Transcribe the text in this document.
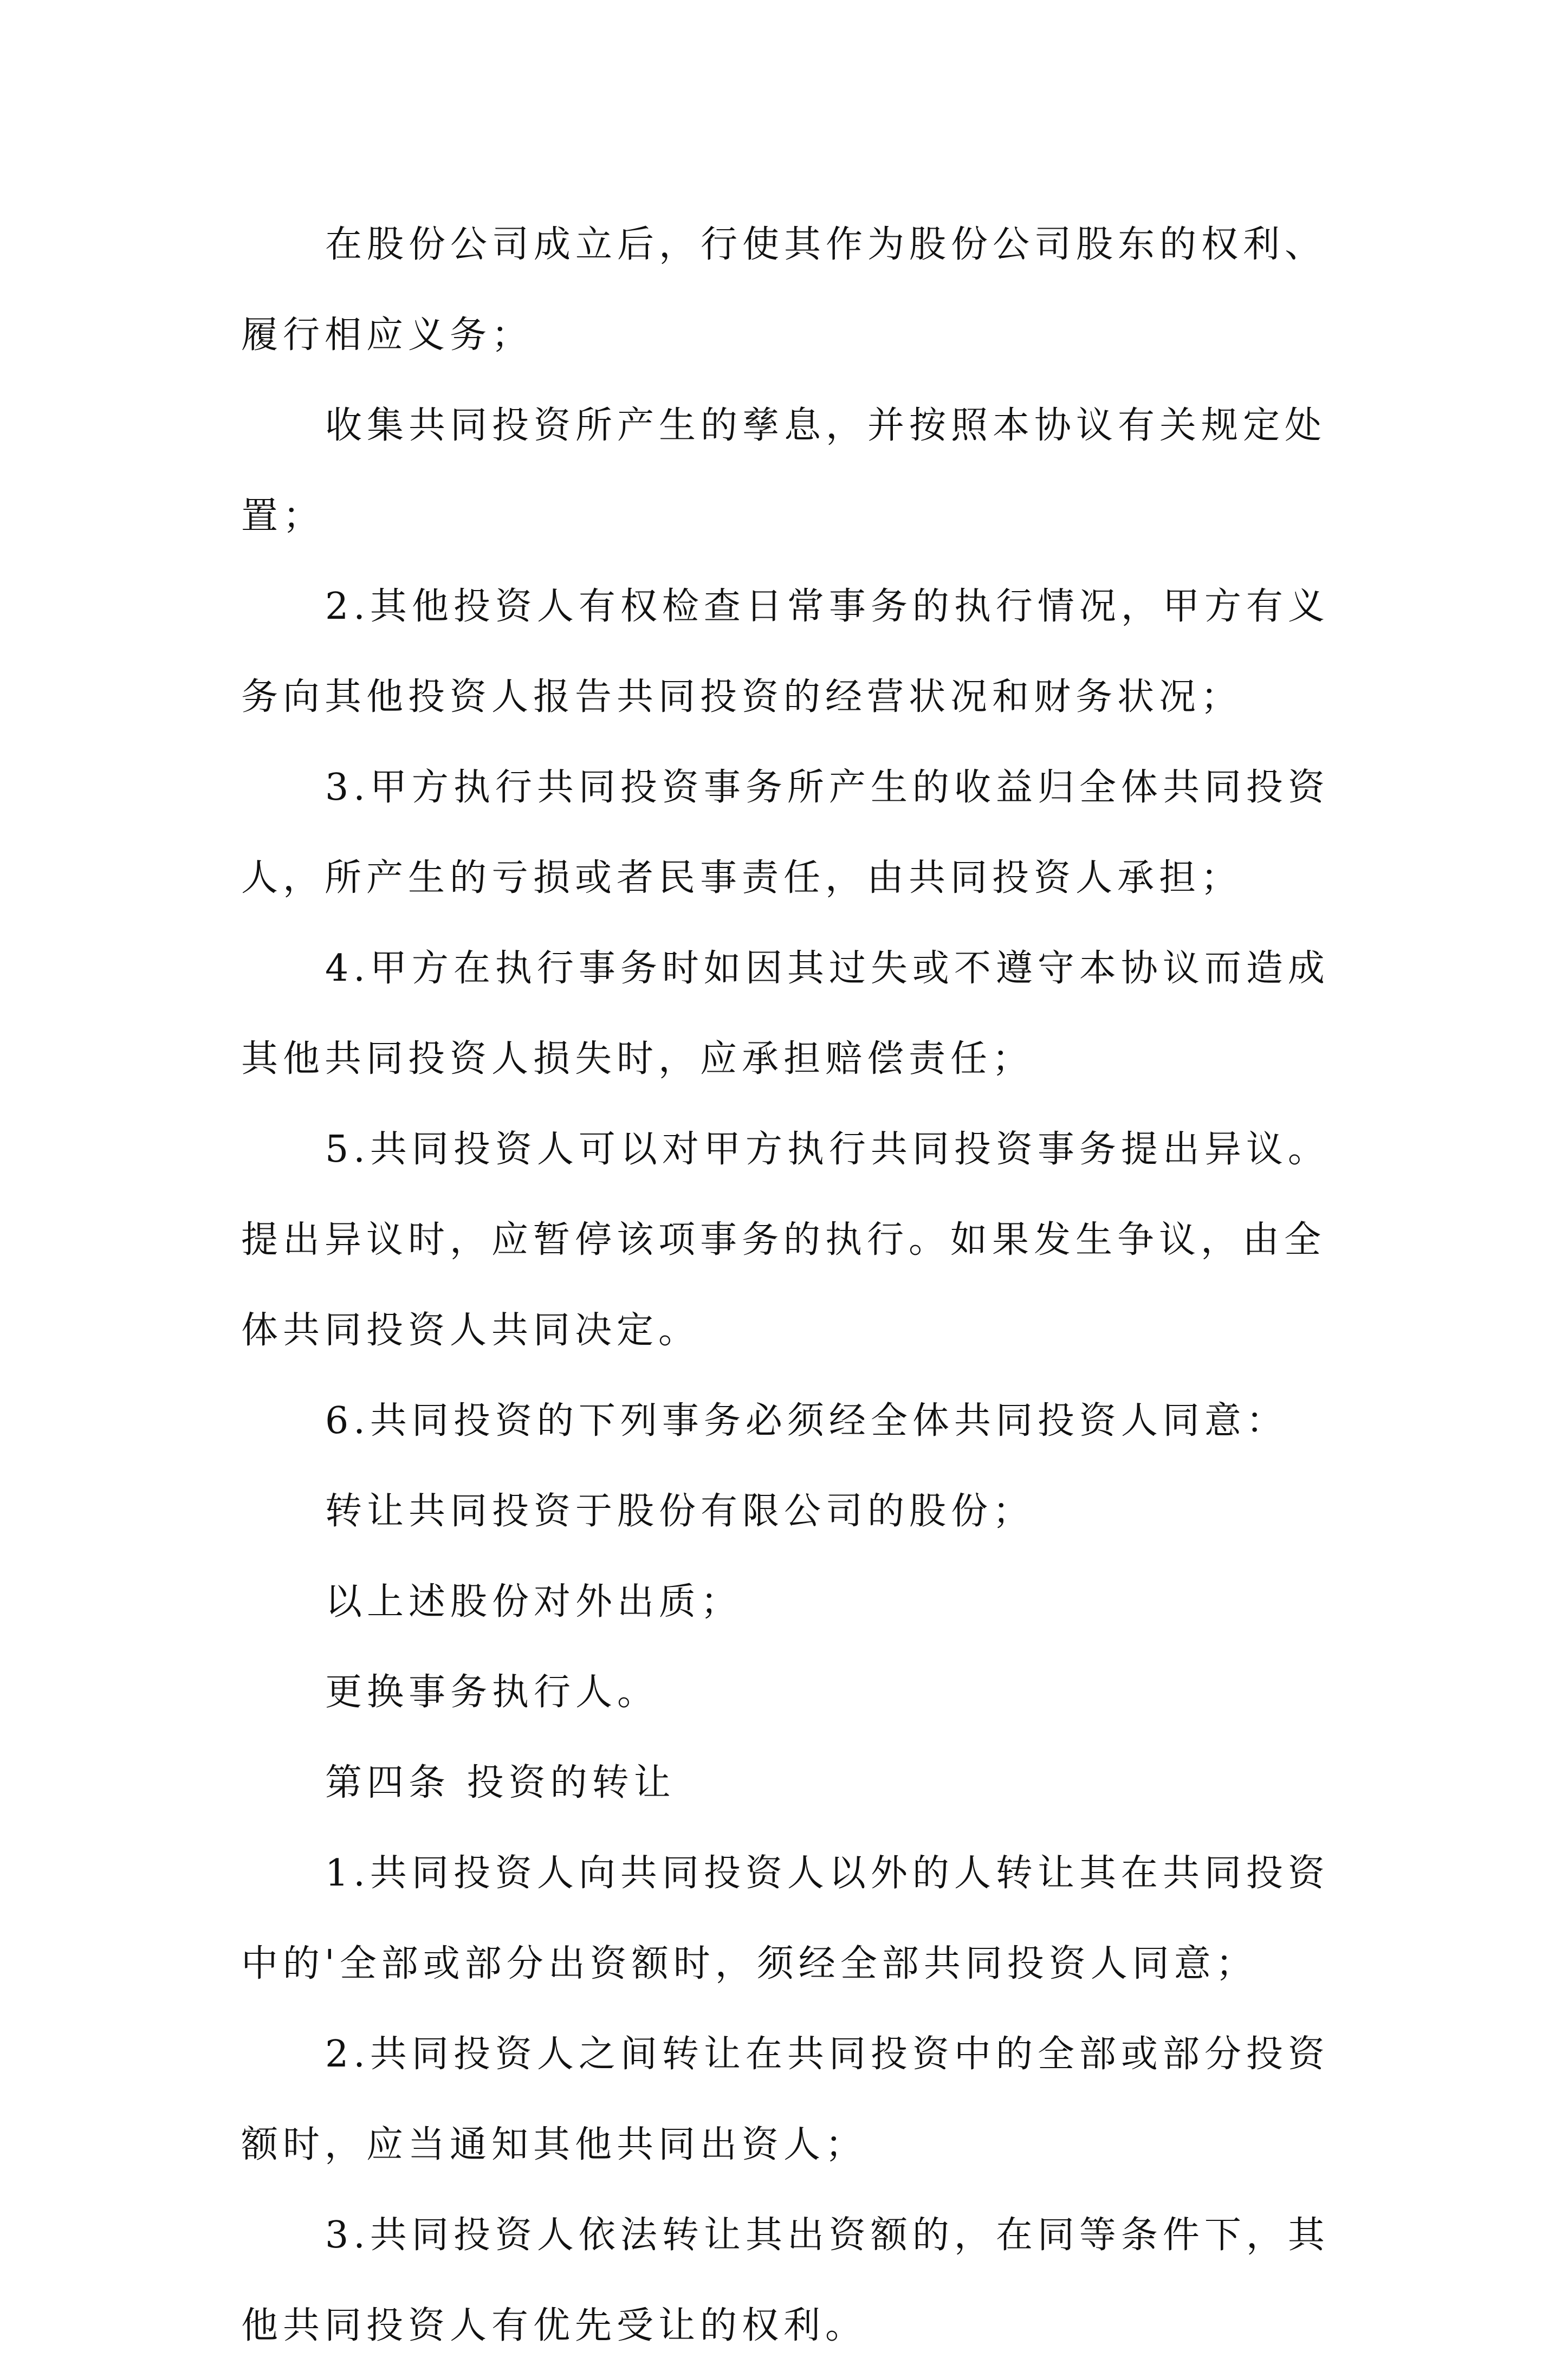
在股份公司成立后，行使其作为股份公司股东的权利、履行相应义务；

收集共同投资所产生的孳息，并按照本协议有关规定处置；

2.其他投资人有权检查日常事务的执行情况，甲方有义务向其他投资人报告共同投资的经营状况和财务状况；

3.甲方执行共同投资事务所产生的收益归全体共同投资人，所产生的亏损或者民事责任，由共同投资人承担；

4.甲方在执行事务时如因其过失或不遵守本协议而造成其他共同投资人损失时，应承担赔偿责任；

5.共同投资人可以对甲方执行共同投资事务提出异议。提出异议时，应暂停该项事务的执行。如果发生争议，由全体共同投资人共同决定。

6.共同投资的下列事务必须经全体共同投资人同意：

转让共同投资于股份有限公司的股份；

以上述股份对外出质；

更换事务执行人。

第四条 投资的转让

1.共同投资人向共同投资人以外的人转让其在共同投资中的'全部或部分出资额时，须经全部共同投资人同意；

2.共同投资人之间转让在共同投资中的全部或部分投资额时，应当通知其他共同出资人；

3.共同投资人依法转让其出资额的，在同等条件下，其他共同投资人有优先受让的权利。
